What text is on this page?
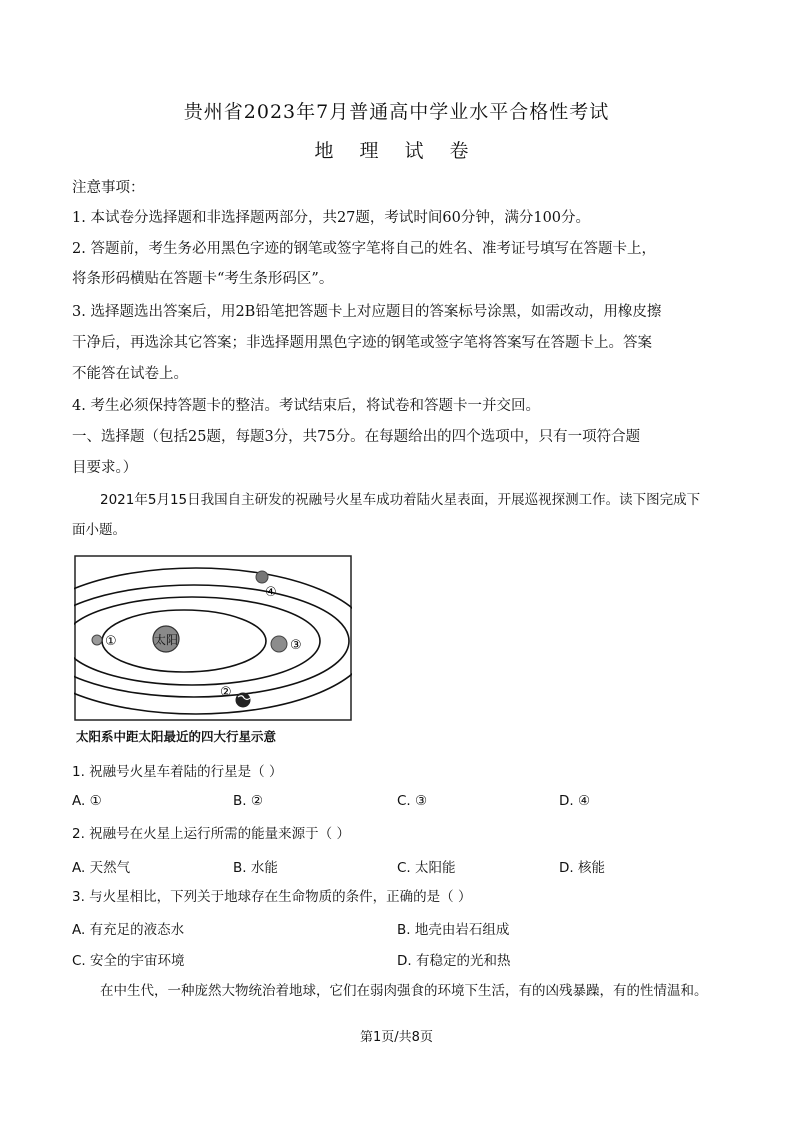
贵州省2023年7月普通高中学业水平合格性考试
地 理 试 卷
注意事项：
1. 本试卷分选择题和非选择题两部分，共27题，考试时间60分钟，满分100分。
2. 答题前，考生务必用黑色字迹的钢笔或签字笔将自己的姓名、准考证号填写在答题卡上，
将条形码横贴在答题卡“考生条形码区”。
3. 选择题选出答案后，用2B铅笔把答题卡上对应题目的答案标号涂黑，如需改动，用橡皮擦
干净后，再选涂其它答案；非选择题用黑色字迹的钢笔或签字笔将答案写在答题卡上。答案
不能答在试卷上。
4. 考生必须保持答题卡的整洁。考试结束后，将试卷和答题卡一并交回。
一、选择题（包括25题，每题3分，共75分。在每题给出的四个选项中，只有一项符合题
目要求。）
2021年5月15日我国自主研发的祝融号火星车成功着陆火星表面，开展巡视探测工作。读下图完成下
面小题。
太阳
①	③
④
②
太阳系中距太阳最近的四大行星示意
1. 祝融号火星车着陆的行星是（ ）
A. ①	B. ②	C. ③	D. ④
2. 祝融号在火星上运行所需的能量来源于（ ）
A. 天然气	B. 水能	C. 太阳能	D. 核能
3. 与火星相比，下列关于地球存在生命物质的条件，正确的是（ ）
A. 有充足的液态水	B. 地壳由岩石组成
C. 安全的宇宙环境	D. 有稳定的光和热
在中生代，一种庞然大物统治着地球，它们在弱肉强食的环境下生活，有的凶残暴躁，有的性情温和。
第1页/共8页
